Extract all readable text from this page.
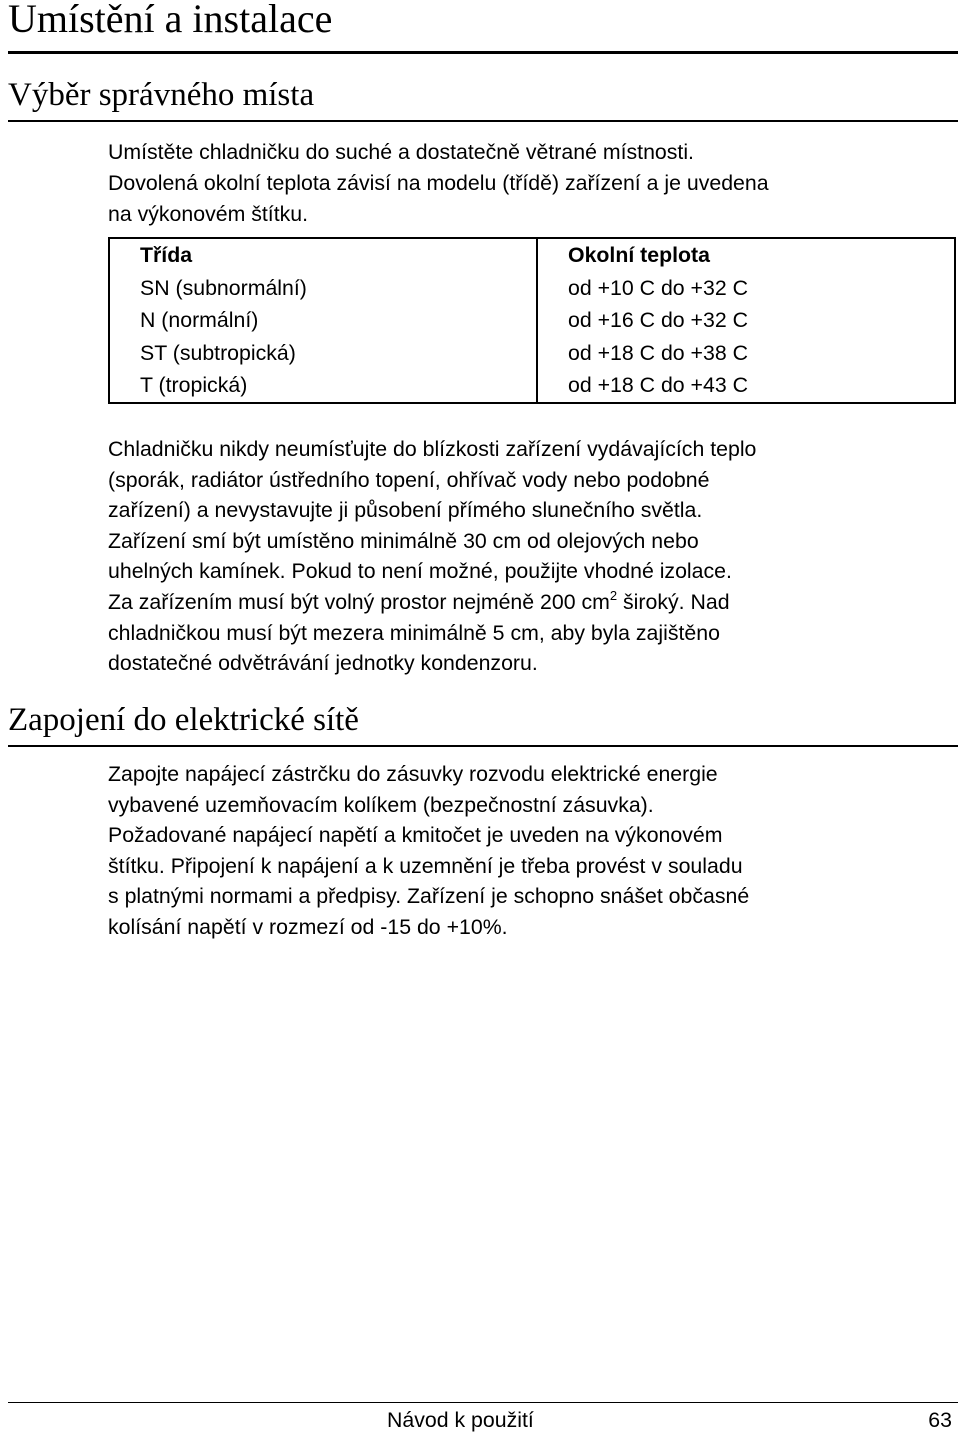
Umístění a instalace
Výběr správného místa
Umístěte chladničku do suché a dostatečně větrané místnosti.
Dovolená okolní teplota závisí na modelu (třídě) zařízení a je uvedena
na výkonovém štítku.
Třída	Okolní teplota
SN (subnormální)	od +10 C do +32 C
N (normální)	od +16 C do +32 C
ST (subtropická)	od +18 C do +38 C
T (tropická)	od +18 C do +43 C
Chladničku nikdy neumísťujte do blízkosti zařízení vydávajících teplo
(sporák, radiátor ústředního topení, ohřívač vody nebo podobné
zařízení) a nevystavujte ji působení přímého slunečního světla.
Zařízení smí být umístěno minimálně 30 cm od olejových nebo
uhelných kamínek. Pokud to není možné, použijte vhodné izolace.
Za zařízením musí být volný prostor nejméně 200 $cm^2$ široký. Nad
chladničkou musí být mezera minimálně 5 cm, aby byla zajištěno
dostatečné odvětrávání jednotky kondenzoru.
Zapojení do elektrické sítě
Zapojte napájecí zástrčku do zásuvky rozvodu elektrické energie
vybavené uzemňovacím kolíkem (bezpečnostní zásuvka).
Požadované napájecí napětí a kmitočet je uveden na výkonovém
štítku. Připojení k napájení a k uzemnění je třeba provést v souladu
s platnými normami a předpisy. Zařízení je schopno snášet občasné
kolísání napětí v rozmezí od -15 do +10%.
Návod k použití	63
